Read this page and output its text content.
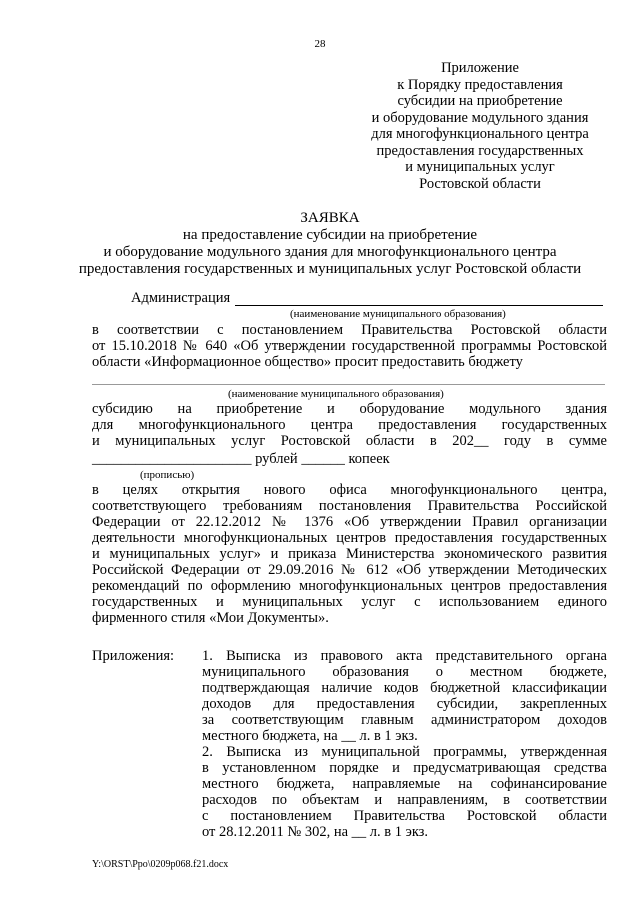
28
Приложение
к Порядку предоставления
субсидии на приобретение
и оборудование модульного здания
для многофункционального центра
предоставления государственных
и муниципальных услуг
Ростовской области
ЗАЯВКА
на предоставление субсидии на приобретение
и оборудование модульного здания для многофункционального центра
предоставления государственных и муниципальных услуг Ростовской области
Администрация
(наименование муниципального образования)
в соответствии с постановлением Правительства Ростовской области
от 15.10.2018 № 640 «Об утверждении государственной программы Ростовской
области «Информационное общество» просит предоставить бюджету
(наименование муниципального образования)
субсидию на приобретение и оборудование модульного здания
для многофункционального центра предоставления государственных
и муниципальных услуг Ростовской области в 202__ году в сумме
______________________ рублей ______ копеек
(прописью)
в целях открытия нового офиса многофункционального центра,
соответствующего требованиям постановления Правительства Российской
Федерации от 22.12.2012 № 1376 «Об утверждении Правил организации
деятельности многофункциональных центров предоставления государственных
и муниципальных услуг» и приказа Министерства экономического развития
Российской Федерации от 29.09.2016 № 612 «Об утверждении Методических
рекомендаций по оформлению многофункциональных центров предоставления
государственных и муниципальных услуг с использованием единого
фирменного стиля «Мои Документы».
Приложения: 1. Выписка из правового акта представительного органа
муниципального образования о местном бюджете,
подтверждающая наличие кодов бюджетной классификации
доходов для предоставления субсидии, закрепленных
за соответствующим главным администратором доходов
местного бюджета, на __ л. в 1 экз.
2. Выписка из муниципальной программы, утвержденная
в установленном порядке и предусматривающая средства
местного бюджета, направляемые на софинансирование
расходов по объектам и направлениям, в соответствии
с постановлением Правительства Ростовской области
от 28.12.2011 № 302, на __ л. в 1 экз.
Y:\ORST\Ppo\0209p068.f21.docx
